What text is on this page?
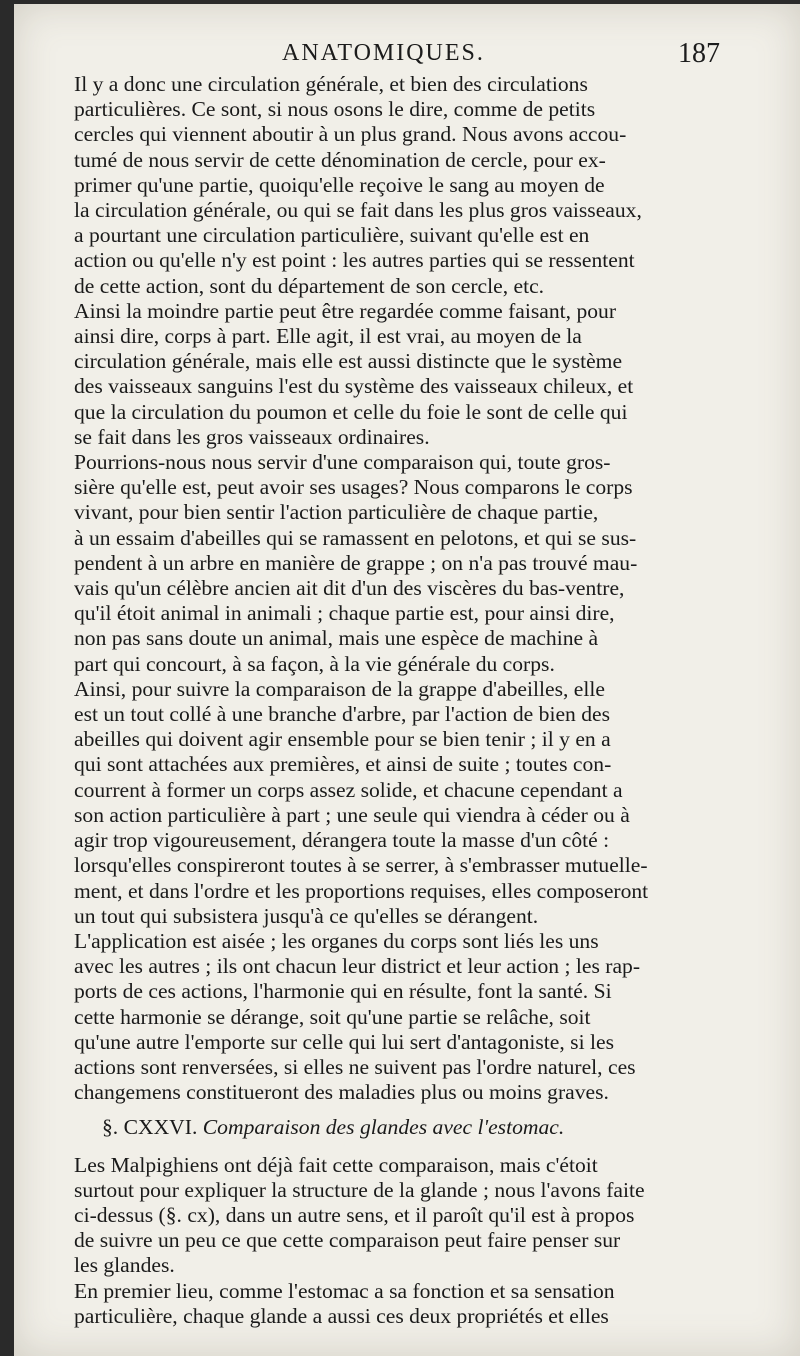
ANATOMIQUES.	187

Il y a donc une circulation générale, et bien des circulations
particulières. Ce sont, si nous osons le dire, comme de petits
cercles qui viennent aboutir à un plus grand. Nous avons accou-
tumé de nous servir de cette dénomination de cercle, pour ex-
primer qu'une partie, quoiqu'elle reçoive le sang au moyen de
la circulation générale, ou qui se fait dans les plus gros vaisseaux,
a pourtant une circulation particulière, suivant qu'elle est en
action ou qu'elle n'y est point : les autres parties qui se ressentent
de cette action, sont du département de son cercle, etc.

Ainsi la moindre partie peut être regardée comme faisant, pour
ainsi dire, corps à part. Elle agit, il est vrai, au moyen de la
circulation générale, mais elle est aussi distincte que le système
des vaisseaux sanguins l'est du système des vaisseaux chileux, et
que la circulation du poumon et celle du foie le sont de celle qui
se fait dans les gros vaisseaux ordinaires.

Pourrions-nous nous servir d'une comparaison qui, toute gros-
sière qu'elle est, peut avoir ses usages? Nous comparons le corps
vivant, pour bien sentir l'action particulière de chaque partie,
à un essaim d'abeilles qui se ramassent en pelotons, et qui se sus-
pendent à un arbre en manière de grappe ; on n'a pas trouvé mau-
vais qu'un célèbre ancien ait dit d'un des viscères du bas-ventre,
qu'il étoit animal in animali ; chaque partie est, pour ainsi dire,
non pas sans doute un animal, mais une espèce de machine à
part qui concourt, à sa façon, à la vie générale du corps.

Ainsi, pour suivre la comparaison de la grappe d'abeilles, elle
est un tout collé à une branche d'arbre, par l'action de bien des
abeilles qui doivent agir ensemble pour se bien tenir ; il y en a
qui sont attachées aux premières, et ainsi de suite ; toutes con-
courrent à former un corps assez solide, et chacune cependant a
son action particulière à part ; une seule qui viendra à céder ou à
agir trop vigoureusement, dérangera toute la masse d'un côté :
lorsqu'elles conspireront toutes à se serrer, à s'embrasser mutuelle-
ment, et dans l'ordre et les proportions requises, elles composeront
un tout qui subsistera jusqu'à ce qu'elles se dérangent.

L'application est aisée ; les organes du corps sont liés les uns
avec les autres ; ils ont chacun leur district et leur action ; les rap-
ports de ces actions, l'harmonie qui en résulte, font la santé. Si
cette harmonie se dérange, soit qu'une partie se relâche, soit
qu'une autre l'emporte sur celle qui lui sert d'antagoniste, si les
actions sont renversées, si elles ne suivent pas l'ordre naturel, ces
changemens constitueront des maladies plus ou moins graves.

§. CXXVI. Comparaison des glandes avec l'estomac.

Les Malpighiens ont déjà fait cette comparaison, mais c'étoit
surtout pour expliquer la structure de la glande ; nous l'avons faite
ci-dessus (§. cx), dans un autre sens, et il paroît qu'il est à propos
de suivre un peu ce que cette comparaison peut faire penser sur
les glandes.

En premier lieu, comme l'estomac a sa fonction et sa sensation
particulière, chaque glande a aussi ces deux propriétés et elles
